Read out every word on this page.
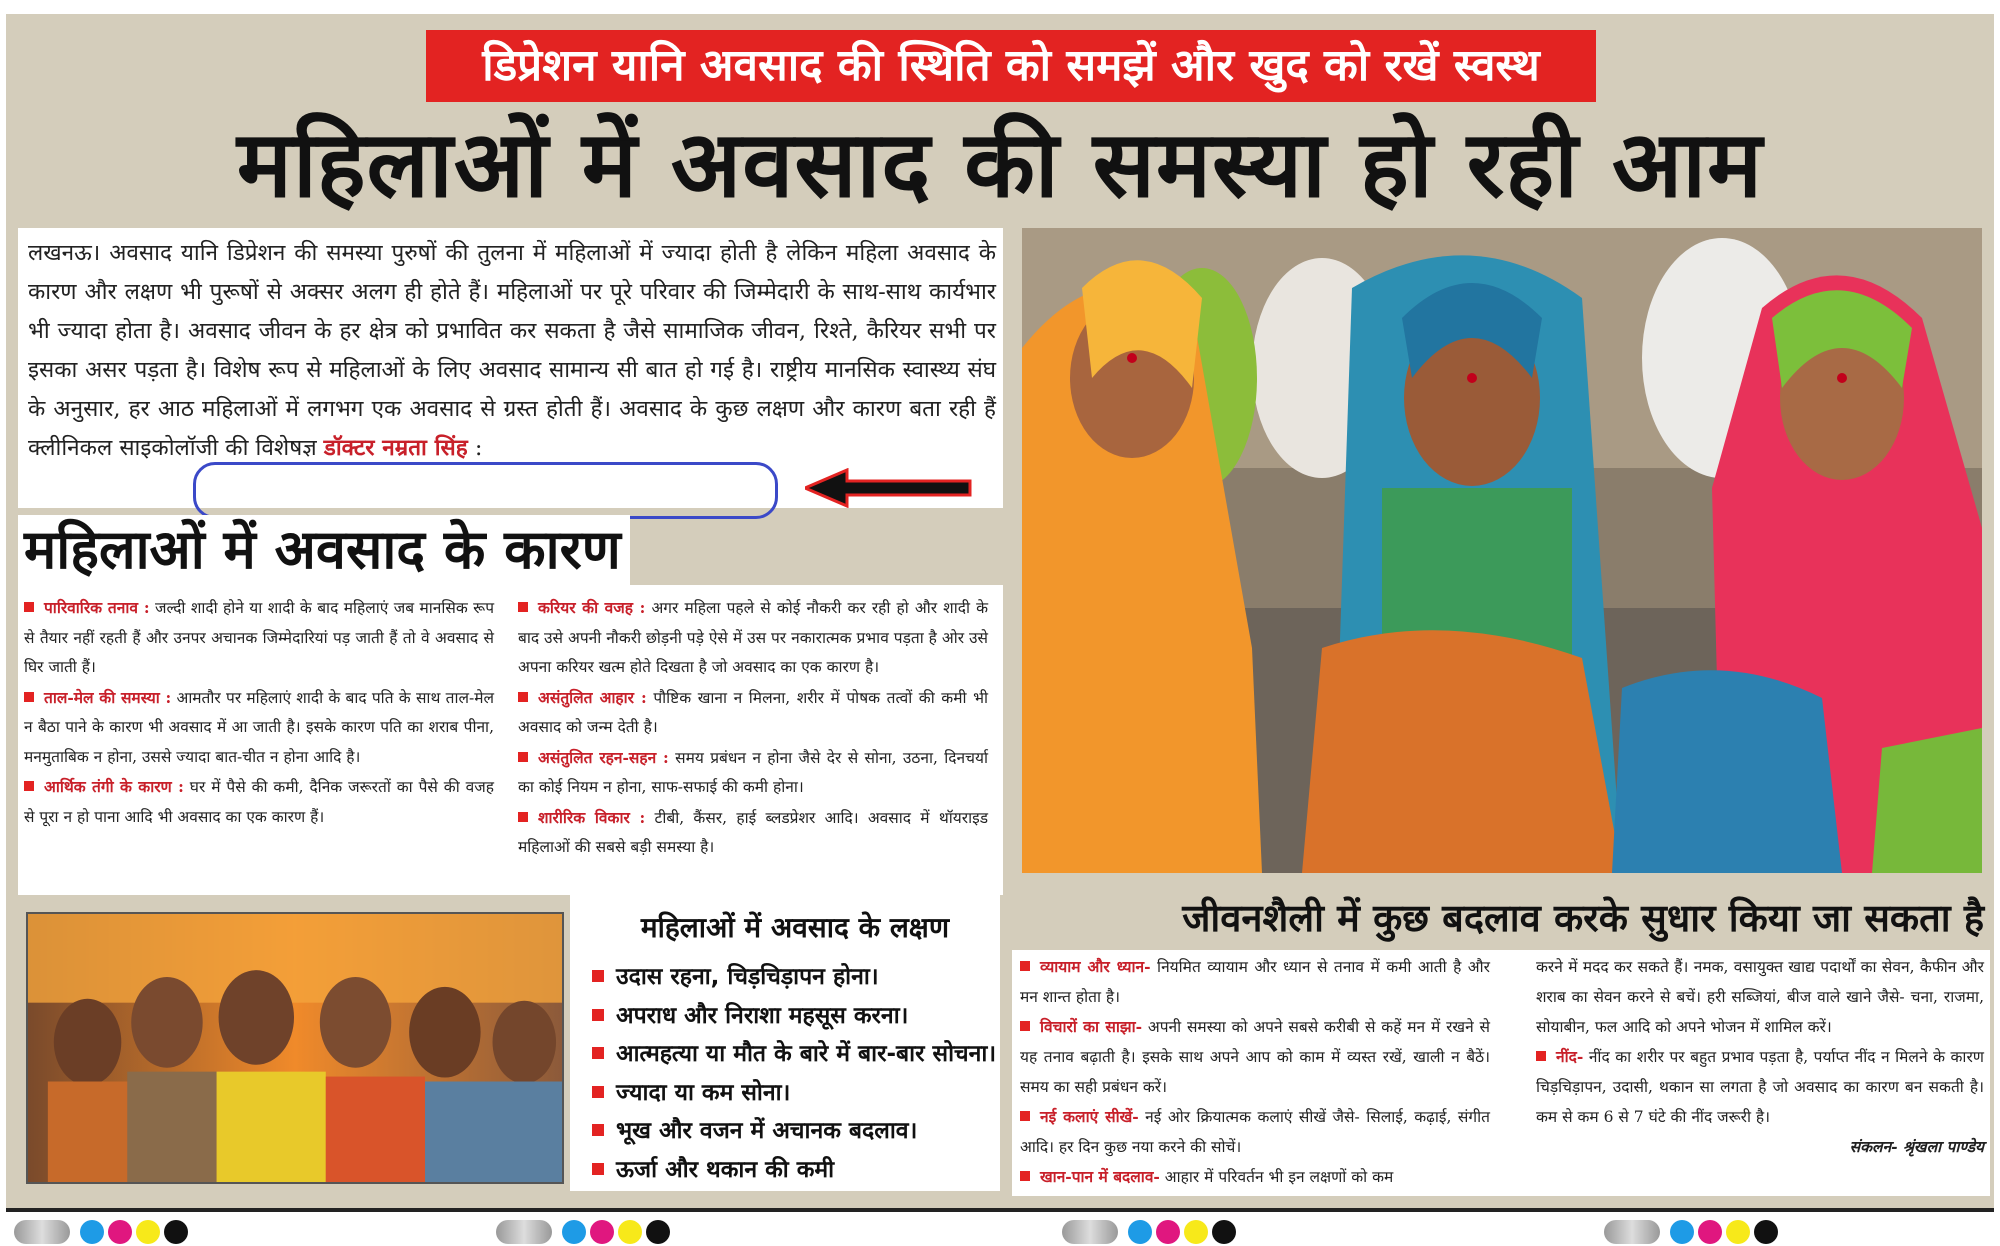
डिप्रेशन यानि अवसाद की स्थिति को समझें और खुद को रखें स्वस्थ
महिलाओं में अवसाद की समस्या हो रही आम

लखनऊ। अवसाद यानि डिप्रेशन की समस्या पुरुषों की तुलना में महिलाओं में ज्यादा होती है लेकिन महिला अवसाद के कारण और लक्षण भी पुरूषों से अक्सर अलग ही होते हैं। महिलाओं पर पूरे परिवार की जिम्मेदारी के साथ-साथ कार्यभार भी ज्यादा होता है। अवसाद जीवन के हर क्षेत्र को प्रभावित कर सकता है जैसे सामाजिक जीवन, रिश्ते, कैरियर सभी पर इसका असर पड़ता है। विशेष रूप से महिलाओं के लिए अवसाद सामान्य सी बात हो गई है। राष्ट्रीय मानसिक स्वास्थ्य संघ के अनुसार, हर आठ महिलाओं में लगभग एक अवसाद से ग्रस्त होती हैं। अवसाद के कुछ लक्षण और कारण बता रही हैं क्लीनिकल साइकोलॉजी की विशेषज्ञ डॉक्टर नम्रता सिंह :

महिलाओं में अवसाद के कारण

पारिवारिक तनाव : जल्दी शादी होने या शादी के बाद महिलाएं जब मानसिक रूप से तैयार नहीं रहती हैं और उनपर अचानक जिम्मेदारियां पड़ जाती हैं तो वे अवसाद से घिर जाती हैं।

ताल-मेल की समस्या : आमतौर पर महिलाएं शादी के बाद पति के साथ ताल-मेल न बैठा पाने के कारण भी अवसाद में आ जाती है। इसके कारण पति का शराब पीना, मनमुताबिक न होना, उससे ज्यादा बात-चीत न होना आदि है।

आर्थिक तंगी के कारण : घर में पैसे की कमी, दैनिक जरूरतों का पैसे की वजह से पूरा न हो पाना आदि भी अवसाद का एक कारण हैं।

करियर की वजह : अगर महिला पहले से कोई नौकरी कर रही हो और शादी के बाद उसे अपनी नौकरी छोड़नी पड़े ऐसे में उस पर नकारात्मक प्रभाव पड़ता है ओर उसे अपना करियर खत्म होते दिखता है जो अवसाद का एक कारण है।

असंतुलित आहार : पौष्टिक खाना न मिलना, शरीर में पोषक तत्वों की कमी भी अवसाद को जन्म देती है।

असंतुलित रहन-सहन : समय प्रबंधन न होना जैसे देर से सोना, उठना, दिनचर्या का कोई नियम न होना, साफ-सफाई की कमी होना।

शारीरिक विकार : टीबी, कैंसर, हाई ब्लडप्रेशर आदि। अवसाद में थॉयराइड महिलाओं की सबसे बड़ी समस्या है।

महिलाओं में अवसाद के लक्षण
उदास रहना, चिड़चिड़ापन होना।
अपराध और निराशा महसूस करना।
आत्महत्या या मौत के बारे में बार-बार सोचना।
ज्यादा या कम सोना।
भूख और वजन में अचानक बदलाव।
ऊर्जा और थकान की कमी
जीवनशैली में कुछ बदलाव करके सुधार किया जा सकता है

व्यायाम और ध्यान- नियमित व्यायाम और ध्यान से तनाव में कमी आती है और मन शान्त होता है।

विचारों का साझा- अपनी समस्या को अपने सबसे करीबी से कहें मन में रखने से यह तनाव बढ़ाती है। इसके साथ अपने आप को काम में व्यस्त रखें, खाली न बैठें। समय का सही प्रबंधन करें।

नई कलाएं सीखें- नई ओर क्रियात्मक कलाएं सीखें जैसे- सिलाई, कढ़ाई, संगीत आदि। हर दिन कुछ नया करने की सोचें।

खान-पान में बदलाव- आहार में परिवर्तन भी इन लक्षणों को कम

करने में मदद कर सकते हैं। नमक, वसायुक्त खाद्य पदार्थों का सेवन, कैफीन और शराब का सेवन करने से बचें। हरी सब्जियां, बीज वाले खाने जैसे- चना, राजमा, सोयाबीन, फल आदि को अपने भोजन में शामिल करें।

नींद- नींद का शरीर पर बहुत प्रभाव पड़ता है, पर्याप्त नींद न मिलने के कारण चिड़चिड़ापन, उदासी, थकान सा लगता है जो अवसाद का कारण बन सकती है। कम से कम 6 से 7 घंटे की नींद जरूरी है।

संकलन- श्रृंखला पाण्डेय
